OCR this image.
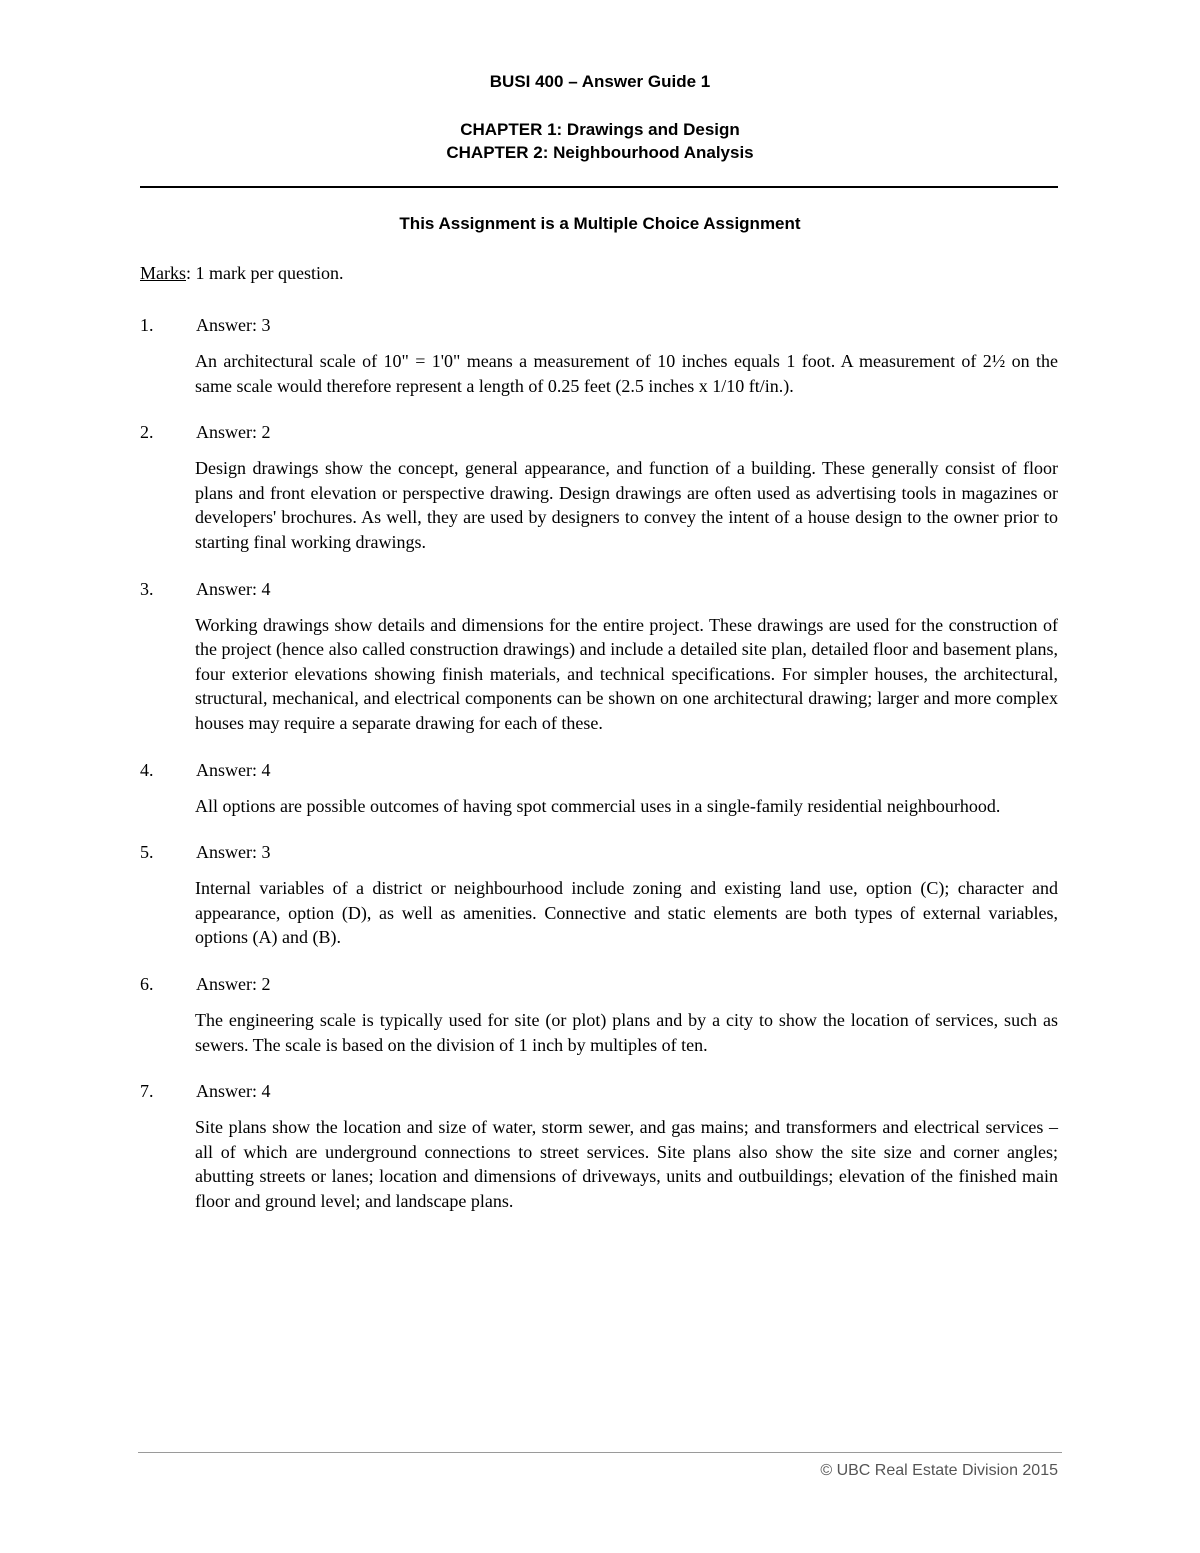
BUSI 400 – Answer Guide 1
CHAPTER 1: Drawings and Design
CHAPTER 2: Neighbourhood Analysis
This Assignment is a Multiple Choice Assignment
Marks: 1 mark per question.
1.	Answer: 3
An architectural scale of 10" = 1'0" means a measurement of 10 inches equals 1 foot. A measurement of 2½ on the same scale would therefore represent a length of 0.25 feet (2.5 inches x 1/10 ft/in.).
2.	Answer: 2
Design drawings show the concept, general appearance, and function of a building. These generally consist of floor plans and front elevation or perspective drawing. Design drawings are often used as advertising tools in magazines or developers' brochures. As well, they are used by designers to convey the intent of a house design to the owner prior to starting final working drawings.
3.	Answer: 4
Working drawings show details and dimensions for the entire project. These drawings are used for the construction of the project (hence also called construction drawings) and include a detailed site plan, detailed floor and basement plans, four exterior elevations showing finish materials, and technical specifications. For simpler houses, the architectural, structural, mechanical, and electrical components can be shown on one architectural drawing; larger and more complex houses may require a separate drawing for each of these.
4.	Answer: 4
All options are possible outcomes of having spot commercial uses in a single-family residential neighbourhood.
5.	Answer: 3
Internal variables of a district or neighbourhood include zoning and existing land use, option (C); character and appearance, option (D), as well as amenities. Connective and static elements are both types of external variables, options (A) and (B).
6.	Answer: 2
The engineering scale is typically used for site (or plot) plans and by a city to show the location of services, such as sewers. The scale is based on the division of 1 inch by multiples of ten.
7.	Answer: 4
Site plans show the location and size of water, storm sewer, and gas mains; and transformers and electrical services – all of which are underground connections to street services. Site plans also show the site size and corner angles; abutting streets or lanes; location and dimensions of driveways, units and outbuildings; elevation of the finished main floor and ground level; and landscape plans.
© UBC Real Estate Division 2015
